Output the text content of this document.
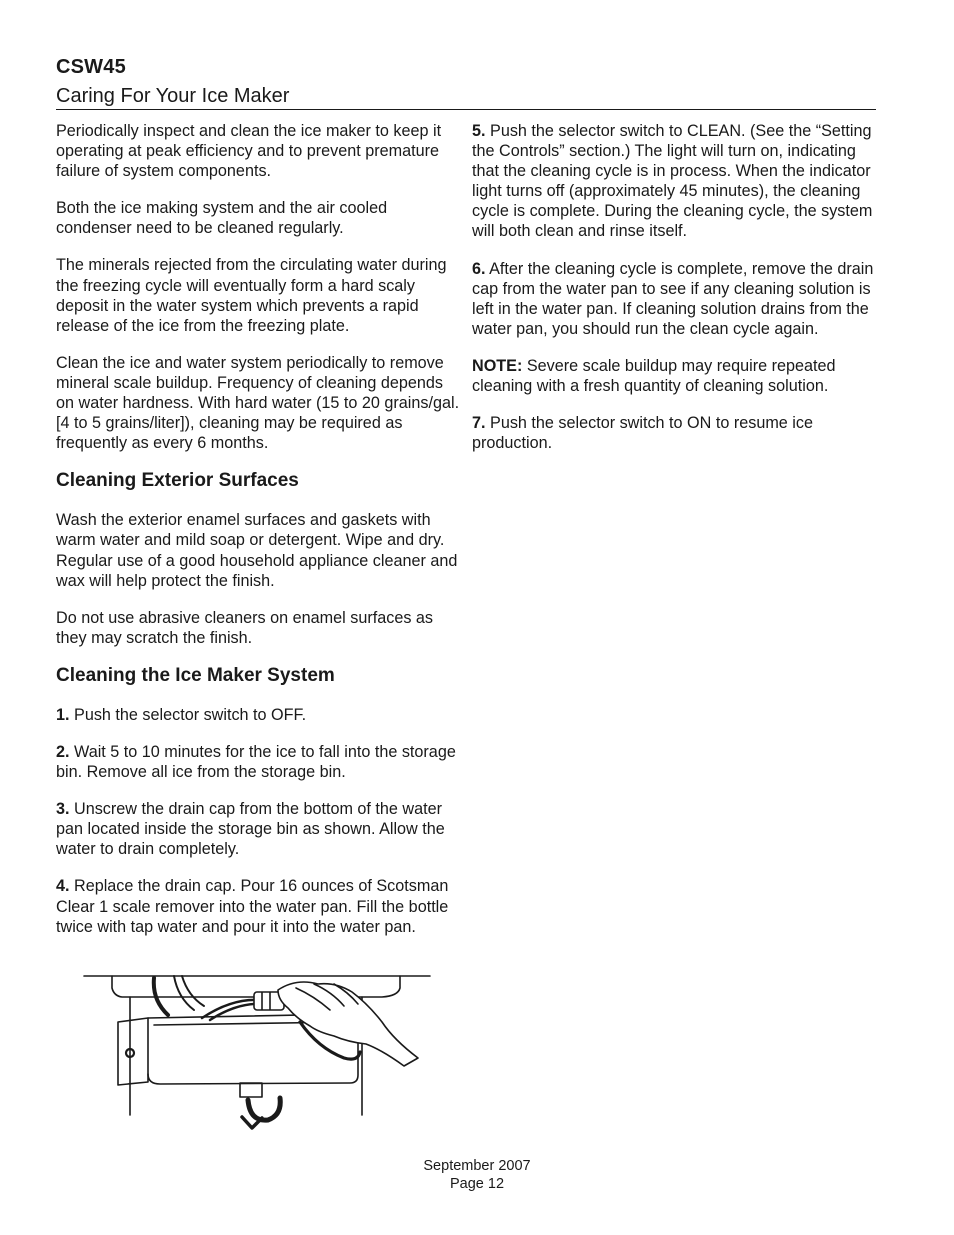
CSW45
Caring For Your Ice Maker

Periodically inspect and clean the ice maker to keep it operating at peak efficiency and to prevent premature failure of system components.

Both the ice making system and the air cooled condenser need to be cleaned regularly.

The minerals rejected from the circulating water during the freezing cycle will eventually form a hard scaly deposit in the water system which prevents a rapid release of the ice from the freezing plate.

Clean the ice and water system periodically to remove mineral scale buildup. Frequency of cleaning depends on water hardness. With hard water (15 to 20 grains/gal. [4 to 5 grains/liter]), cleaning may be required as frequently as every 6 months.

Cleaning Exterior Surfaces

Wash the exterior enamel surfaces and gaskets with warm water and mild soap or detergent. Wipe and dry. Regular use of a good household appliance cleaner and wax will help protect the finish.

Do not use abrasive cleaners on enamel surfaces as they may scratch the finish.

Cleaning the Ice Maker System

1. Push the selector switch to OFF.

2. Wait 5 to 10 minutes for the ice to fall into the storage bin. Remove all ice from the storage bin.

3. Unscrew the drain cap from the bottom of the water pan located inside the storage bin as shown. Allow the water to drain completely.

4. Replace the drain cap. Pour 16 ounces of Scotsman Clear 1 scale remover into the water pan. Fill the bottle twice with tap water and pour it into the water pan.

5. Push the selector switch to CLEAN. (See the “Setting the Controls” section.) The light will turn on, indicating that the cleaning cycle is in process. When the indicator light turns off (approximately 45 minutes), the cleaning cycle is complete. During the cleaning cycle, the system will both clean and rinse itself.

6. After the cleaning cycle is complete, remove the drain cap from the water pan to see if any cleaning solution is left in the water pan. If cleaning solution drains from the water pan, you should run the clean cycle again.

NOTE: Severe scale buildup may require repeated cleaning with a fresh quantity of cleaning solution.

7. Push the selector switch to ON to resume ice production.

September 2007
Page 12
